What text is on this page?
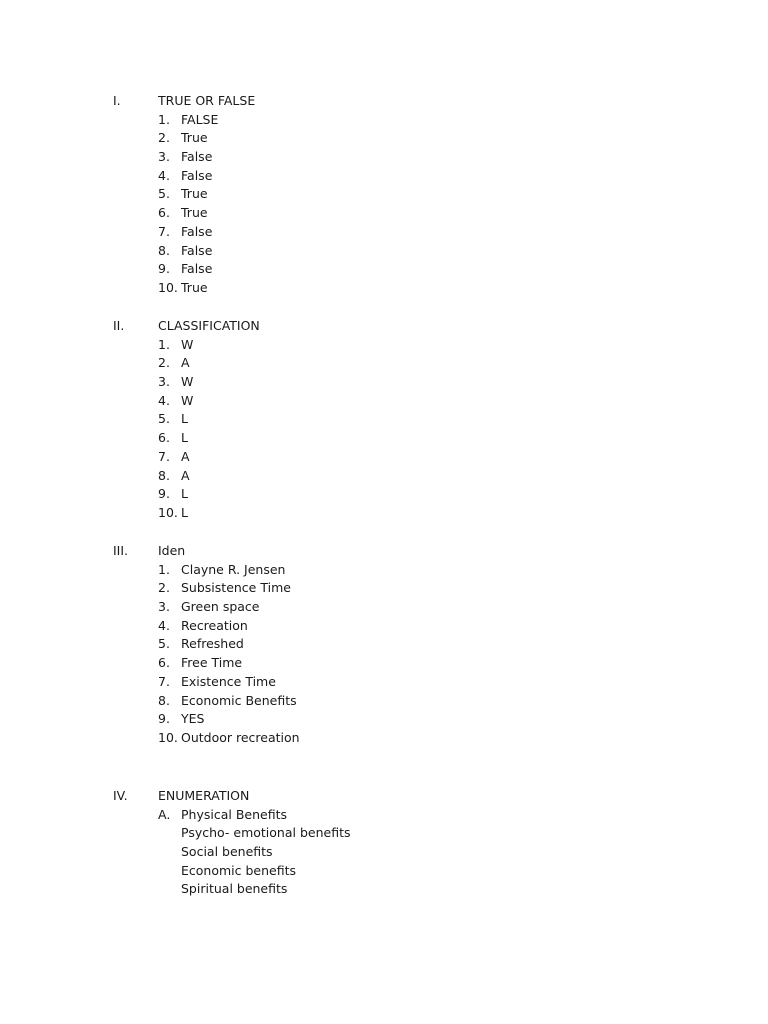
I.	TRUE OR FALSE
1. FALSE
2. True
3. False
4. False
5. True
6. True
7. False
8. False
9. False
10. True
II.	CLASSIFICATION
1. W
2. A
3. W
4. W
5. L
6. L
7. A
8. A
9. L
10. L
III. Iden
1. Clayne R. Jensen
2. Subsistence Time
3. Green space
4. Recreation
5. Refreshed
6. Free Time
7. Existence Time
8. Economic Benefits
9. YES
10. Outdoor recreation
IV. ENUMERATION
A. Physical Benefits
Psycho- emotional benefits
Social benefits
Economic benefits
Spiritual benefits
